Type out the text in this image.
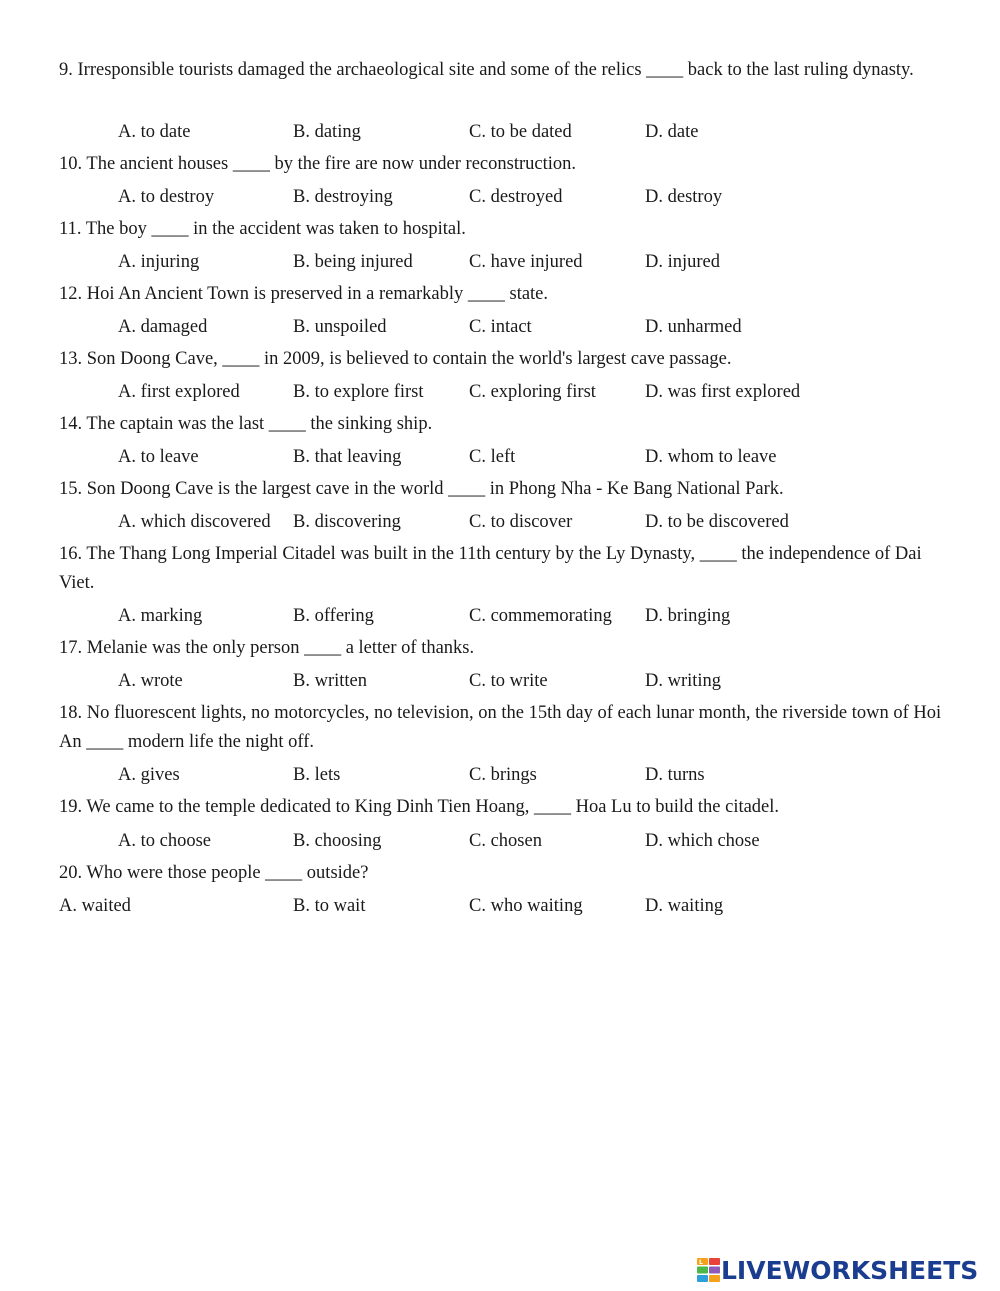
9. Irresponsible tourists damaged the archaeological site and some of the relics ____ back to the last ruling dynasty.

A. to date	B. dating	C. to be dated	D. date

10. The ancient houses ____ by the fire are now under reconstruction.

A. to destroy	B. destroying	C. destroyed	D. destroy

11. The boy ____ in the accident was taken to hospital.

A. injuring	B. being injured	C. have injured	D. injured

12. Hoi An Ancient Town is preserved in a remarkably ____ state.

A. damaged	B. unspoiled	C. intact	D. unharmed

13. Son Doong Cave, ____ in 2009, is believed to contain the world's largest cave passage.

A. first explored	B. to explore first C. exploring first	D. was first explored

14. The captain was the last ____ the sinking ship.

A. to leave	B. that leaving	C. left	D. whom to leave

15. Son Doong Cave is the largest cave in the world ____ in Phong Nha - Ke Bang National Park.

A. which discovered B. discovering	C. to discover	D. to be discovered

16. The Thang Long Imperial Citadel was built in the 11th century by the Ly Dynasty, ____ the independence of Dai Viet.

A. marking	B. offering	C. commemorating D. bringing

17. Melanie was the only person ____ a letter of thanks.

A. wrote	B. written	C. to write	D. writing

18. No fluorescent lights, no motorcycles, no television, on the 15th day of each lunar month, the riverside town of Hoi An ____ modern life the night off.

A. gives	B. lets	C. brings	D. turns

19. We came to the temple dedicated to King Dinh Tien Hoang, ____ Hoa Lu to build the citadel.

A. to choose	B. choosing	C. chosen	D. which chose

20. Who were those people ____ outside?

A. waited	B. to wait	C. who waiting	D. waiting
L LIVEWORKSHEETS
